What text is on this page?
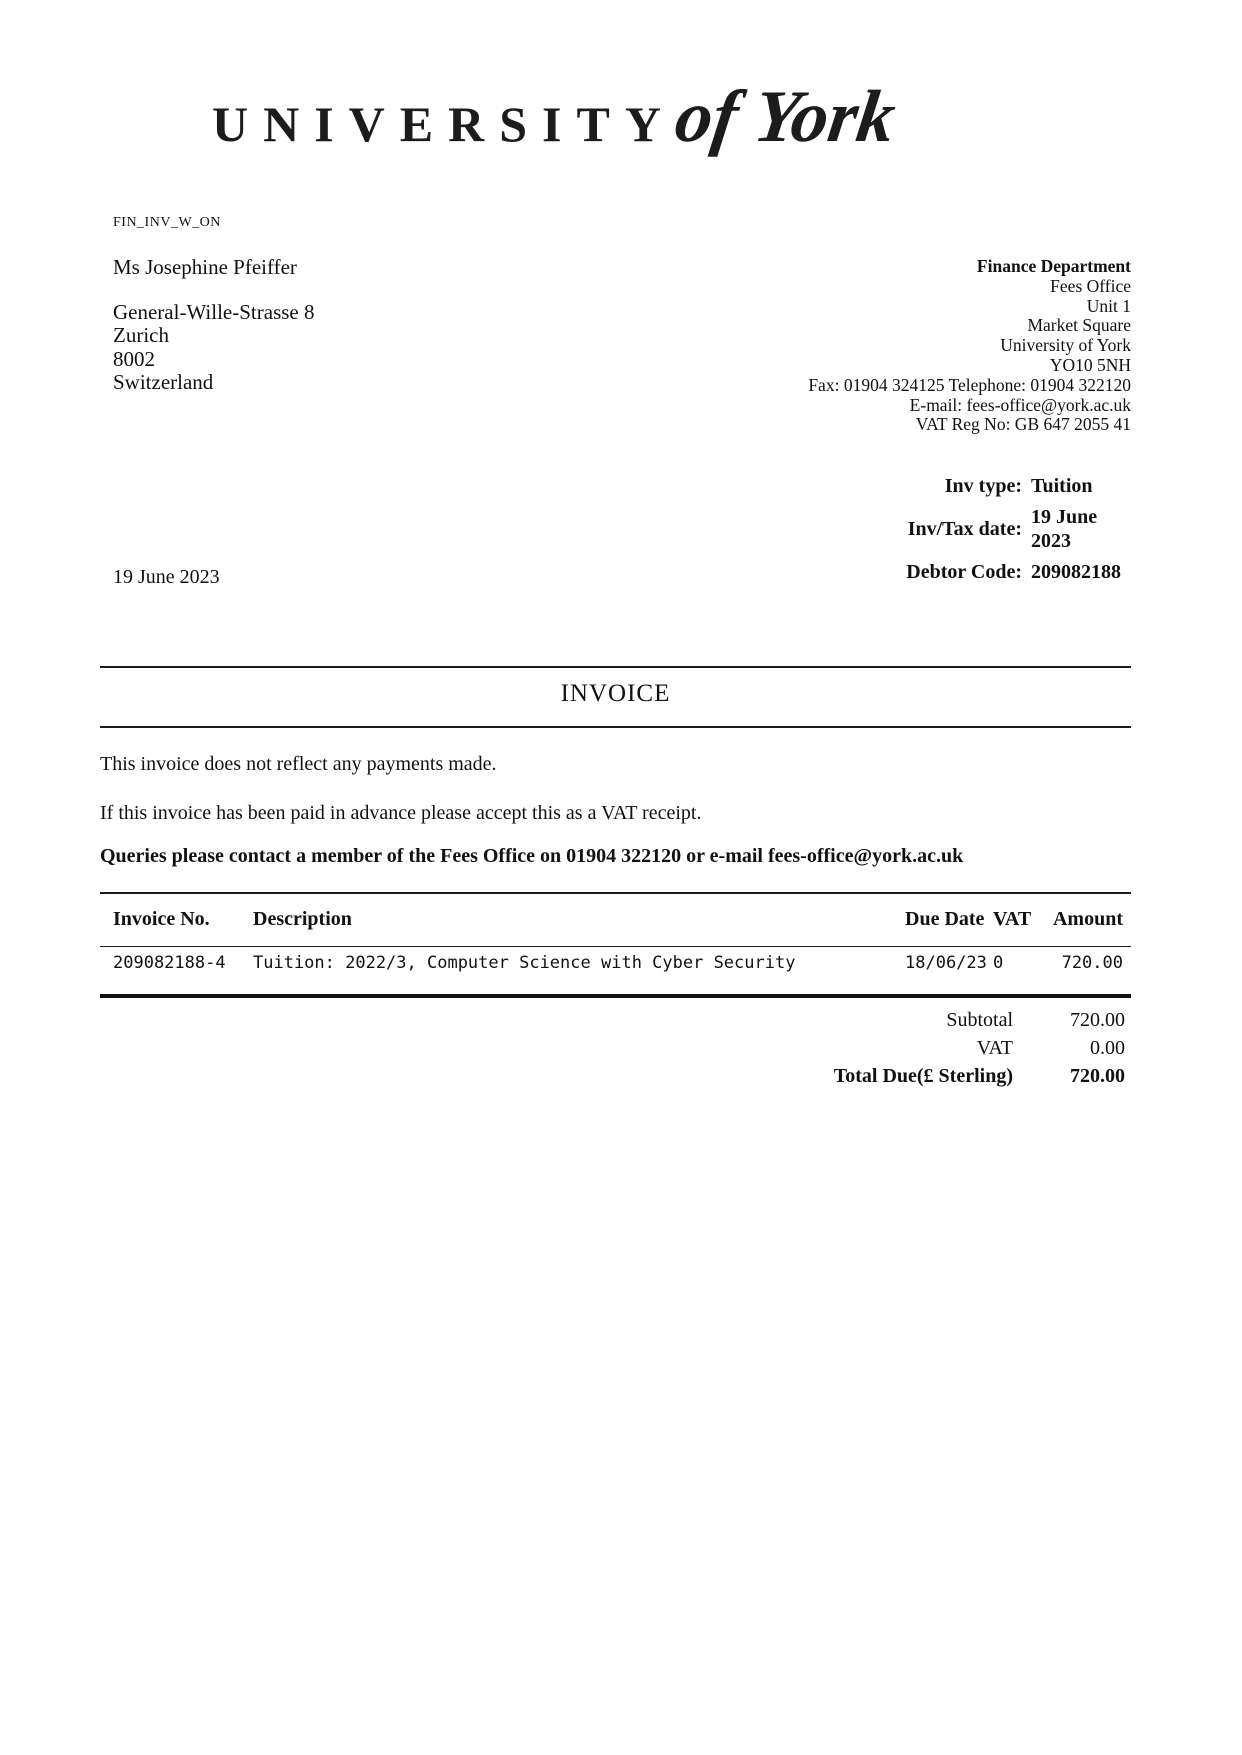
UNIVERSITY
of York
FIN_INV_W_ON
Ms Josephine Pfeiffer
General-Wille-Strasse 8
Zurich
8002
Switzerland
Finance Department
Fees Office
Unit 1
Market Square
University of York
YO10 5NH
Fax: 01904 324125 Telephone: 01904 322120
E-mail: fees-office@york.ac.uk
VAT Reg No: GB 647 2055 41
Inv type: Tuition
Inv/Tax date:
19 June 2023
Debtor Code: 209082188
19 June 2023
INVOICE
This invoice does not reflect any payments made.
If this invoice has been paid in advance please accept this as a VAT receipt.
Queries please contact a member of the Fees Office on 01904 322120 or e-mail fees-office@york.ac.uk
Invoice No.	Description	Due Date VAT	Amount
209082188-4	Tuition: 2022/3, Computer Science with Cyber Security	18/06/23 0	720.00
Subtotal	720.00
VAT	0.00
Total Due(£ Sterling)	720.00
